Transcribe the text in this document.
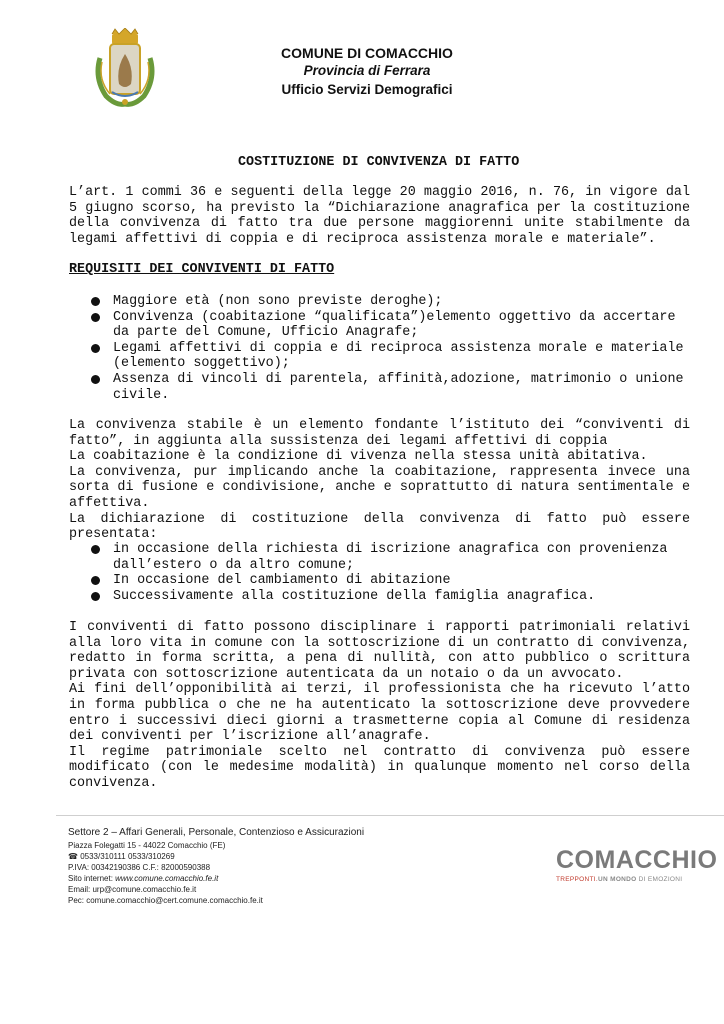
COMUNE DI COMACCHIO
Provincia di Ferrara
Ufficio Servizi Demografici
COSTITUZIONE DI CONVIVENZA DI FATTO

L’art. 1 commi 36 e seguenti della legge 20 maggio 2016, n. 76, in vigore dal 5 giugno scorso, ha previsto la “Dichiarazione anagrafica per la costituzione della convivenza di fatto tra due persone maggiorenni unite stabilmente da legami affettivi di coppia e di reciproca assistenza morale e materiale”.

REQUISITI DEI CONVIVENTI DI FATTO
Maggiore età (non sono previste deroghe);
Convivenza (coabitazione “qualificata”)elemento oggettivo da accertare da parte del Comune, Ufficio Anagrafe;
Legami affettivi di coppia e di reciproca assistenza morale e materiale (elemento soggettivo);
Assenza di vincoli di parentela, affinità,adozione, matrimonio o unione civile.

La convivenza stabile è un elemento fondante l’istituto dei “conviventi di fatto”, in aggiunta alla sussistenza dei legami affettivi di coppia
La coabitazione è la condizione di vivenza nella stessa unità abitativa.
La convivenza, pur implicando anche la coabitazione, rappresenta invece una sorta di fusione e condivisione, anche e soprattutto di natura sentimentale e affettiva.
La dichiarazione di costituzione della convivenza di fatto può essere presentata:

in occasione della richiesta di iscrizione anagrafica con provenienza dall’estero o da altro comune;
In occasione del cambiamento di abitazione
Successivamente alla costituzione della famiglia anagrafica.

I conviventi di fatto possono disciplinare i rapporti patrimoniali relativi alla loro vita in comune con la sottoscrizione di un contratto di convivenza, redatto in forma scritta, a pena di nullità, con atto pubblico o scrittura privata con sottoscrizione autenticata da un notaio o da un avvocato.
Ai fini dell’opponibilità ai terzi, il professionista che ha ricevuto l’atto in forma pubblica o che ne ha autenticato la sottoscrizione deve provvedere entro i successivi dieci giorni a trasmetterne copia al Comune di residenza dei conviventi per l’iscrizione all’anagrafe.
Il regime patrimoniale scelto nel contratto di convivenza può essere modificato (con le medesime modalità) in qualunque momento nel corso della convivenza.

Settore 2 – Affari Generali, Personale, Contenzioso e Assicurazioni
Piazza Folegatti 15 - 44022 Comacchio (FE)
☎ 0533/310111 0533/310269
P.IVA: 00342190386 C.F.: 82000590388
Sito internet: www.comune.comacchio.fe.it
Email: urp@comune.comacchio.fe.it
Pec: comune.comacchio@cert.comune.comacchio.fe.it
COMACCHIO
TREPPONTI.UN MONDO DI EMOZIONI
